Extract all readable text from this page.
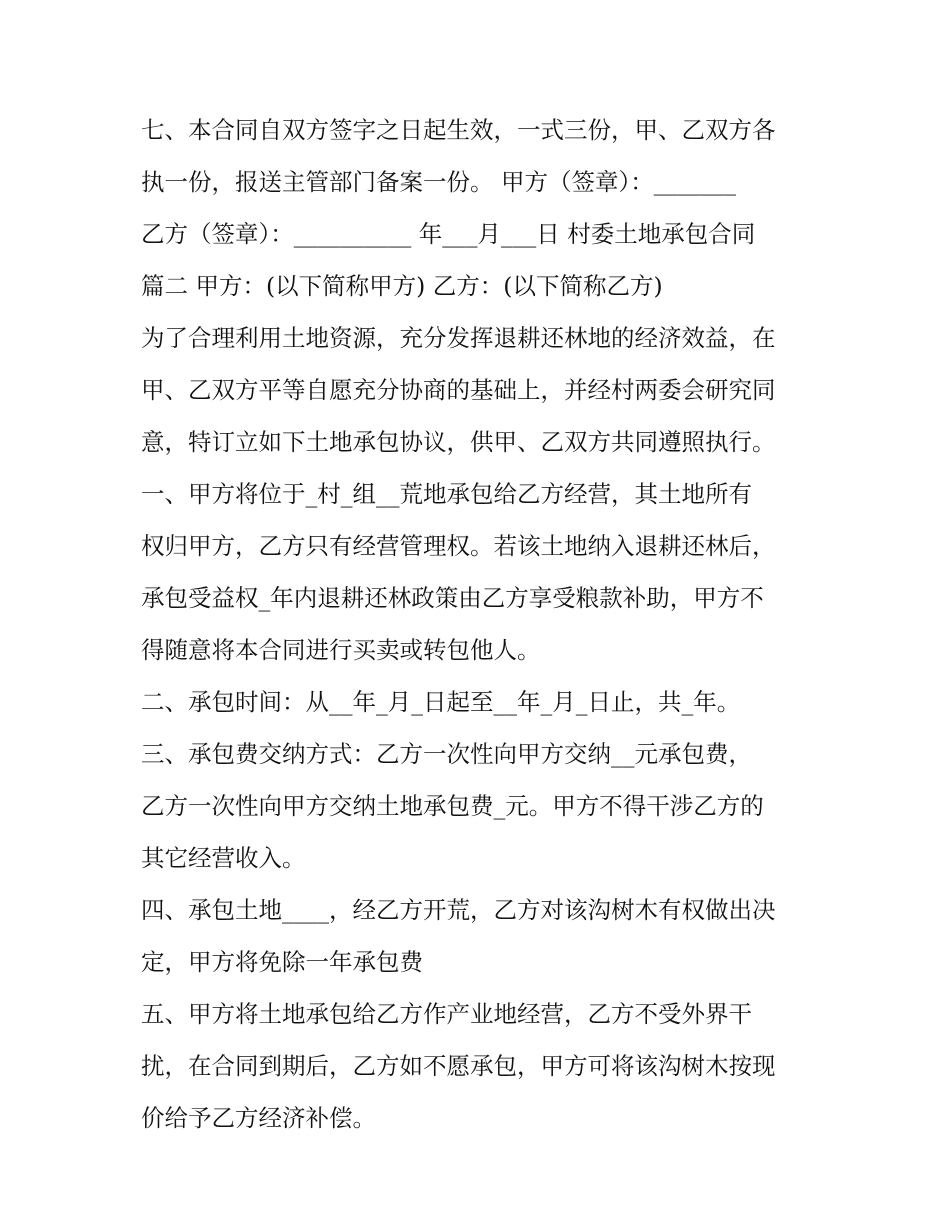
七、本合同自双方签字之日起生效，一式三份，甲、乙双方各
执一份，报送主管部门备案一份。 甲方（签章）：_______
乙方（签章）：__________ 年___月___日 村委土地承包合同
篇二 甲方：(以下简称甲方) 乙方：(以下简称乙方)
为了合理利用土地资源，充分发挥退耕还林地的经济效益，在
甲、乙双方平等自愿充分协商的基础上，并经村两委会研究同
意，特订立如下土地承包协议，供甲、乙双方共同遵照执行。
一、甲方将位于_村_组__荒地承包给乙方经营，其土地所有
权归甲方，乙方只有经营管理权。若该土地纳入退耕还林后，
承包受益权_年内退耕还林政策由乙方享受粮款补助，甲方不
得随意将本合同进行买卖或转包他人。
二、承包时间：从__年_月_日起至__年_月_日止，共_年。
三、承包费交纳方式：乙方一次性向甲方交纳__元承包费，
乙方一次性向甲方交纳土地承包费_元。甲方不得干涉乙方的
其它经营收入。
四、承包土地____，经乙方开荒，乙方对该沟树木有权做出决
定，甲方将免除一年承包费
五、甲方将土地承包给乙方作产业地经营，乙方不受外界干
扰，在合同到期后，乙方如不愿承包，甲方可将该沟树木按现
价给予乙方经济补偿。
